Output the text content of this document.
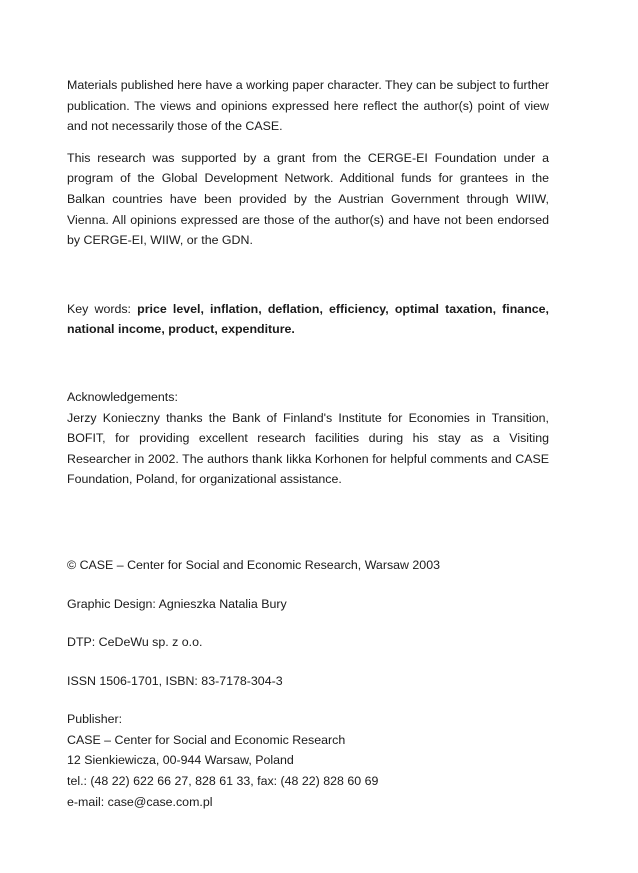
Materials published here have a working paper character. They can be subject to further publication. The views and opinions expressed here reflect the author(s) point of view and not necessarily those of the CASE.

This research was supported by a grant from the CERGE-EI Foundation under a program of the Global Development Network. Additional funds for grantees in the Balkan countries have been provided by the Austrian Government through WIIW, Vienna. All opinions expressed are those of the author(s) and have not been endorsed by CERGE-EI, WIIW, or the GDN.

Key words: price level, inflation, deflation, efficiency, optimal taxation, finance, national income, product, expenditure.

Acknowledgements:

Jerzy Konieczny thanks the Bank of Finland's Institute for Economies in Transition, BOFIT, for providing excellent research facilities during his stay as a Visiting Researcher in 2002. The authors thank Iikka Korhonen for helpful comments and CASE Foundation, Poland, for organizational assistance.

© CASE – Center for Social and Economic Research, Warsaw 2003

Graphic Design: Agnieszka Natalia Bury

DTP: CeDeWu sp. z o.o.

ISSN 1506-1701, ISBN: 83-7178-304-3

Publisher:
CASE – Center for Social and Economic Research
12 Sienkiewicza, 00-944 Warsaw, Poland
tel.: (48 22) 622 66 27, 828 61 33, fax: (48 22) 828 60 69
e-mail: case@case.com.pl
